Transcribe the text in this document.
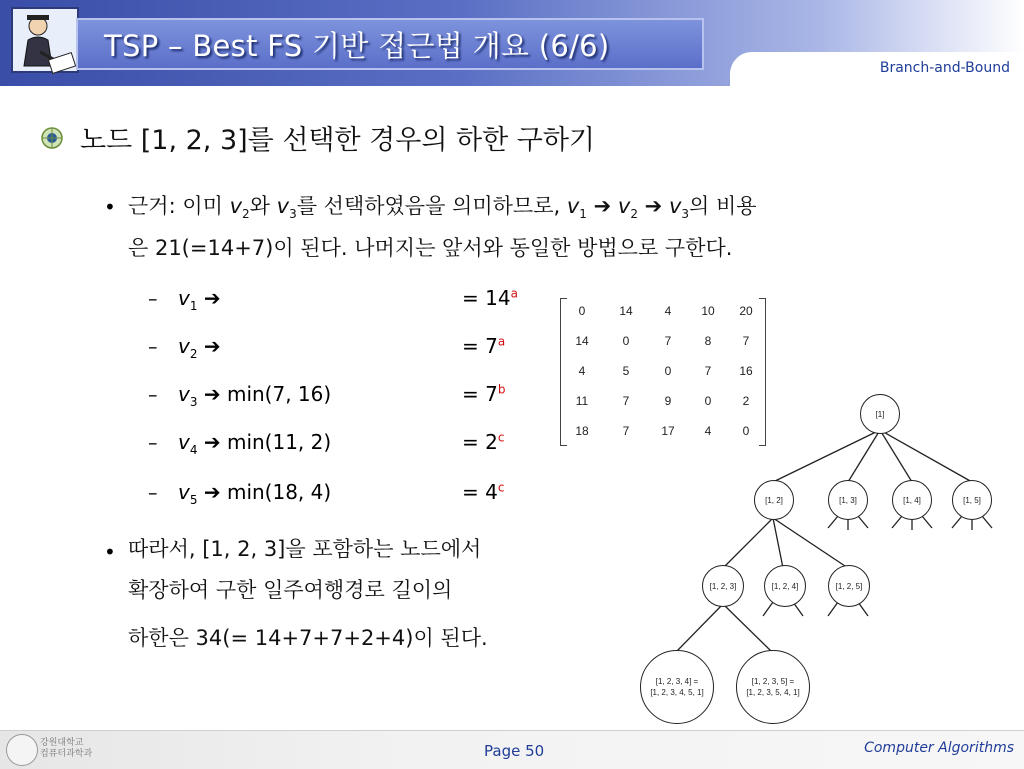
TSP – Best FS 기반 접근법 개요 (6/6)
Branch-and-Bound
노드 [1, 2, 3]를 선택한 경우의 하한 구하기
• 근거: 이미 $v_2$와 $v_3$를 선택하였음을 의미하므로, $v_1$ ➔ $v_2$ ➔ $v_3$의 비용
은 21(=14+7)이 된다. 나머지는 앞서와 동일한 방법으로 구한다.
– $v_1$ ➔	= $14^a$
– $v_2$ ➔	= $7^a$
– $v_3$ ➔ min(7, 16)	= $7^b$
– $v_4$ ➔ min(11, 2)	= $2^c$
– $v_5$ ➔ min(18, 4)	= $4^c$
• 따라서, [1, 2, 3]을 포함하는 노드에서
확장하여 구한 일주여행경로 길이의
하한은 34(= 14+7+7+2+4)이 된다.
0	14	4	10	20
14	0	7	8	7
4	5	0	7	16
11	7	9	0	2
18	7	17	4	0
[1]
[1, 2]	[1, 3]	[1, 4]	[1, 5]
[1, 2, 3]	[1, 2, 4]	[1, 2, 5]
[1, 2, 3, 4] =
[1, 2, 3, 4, 5, 1]
[1, 2, 3, 5] =
[1, 2, 3, 5, 4, 1]
강원대학교
컴퓨터과학과	Page 50	Computer Algorithms
